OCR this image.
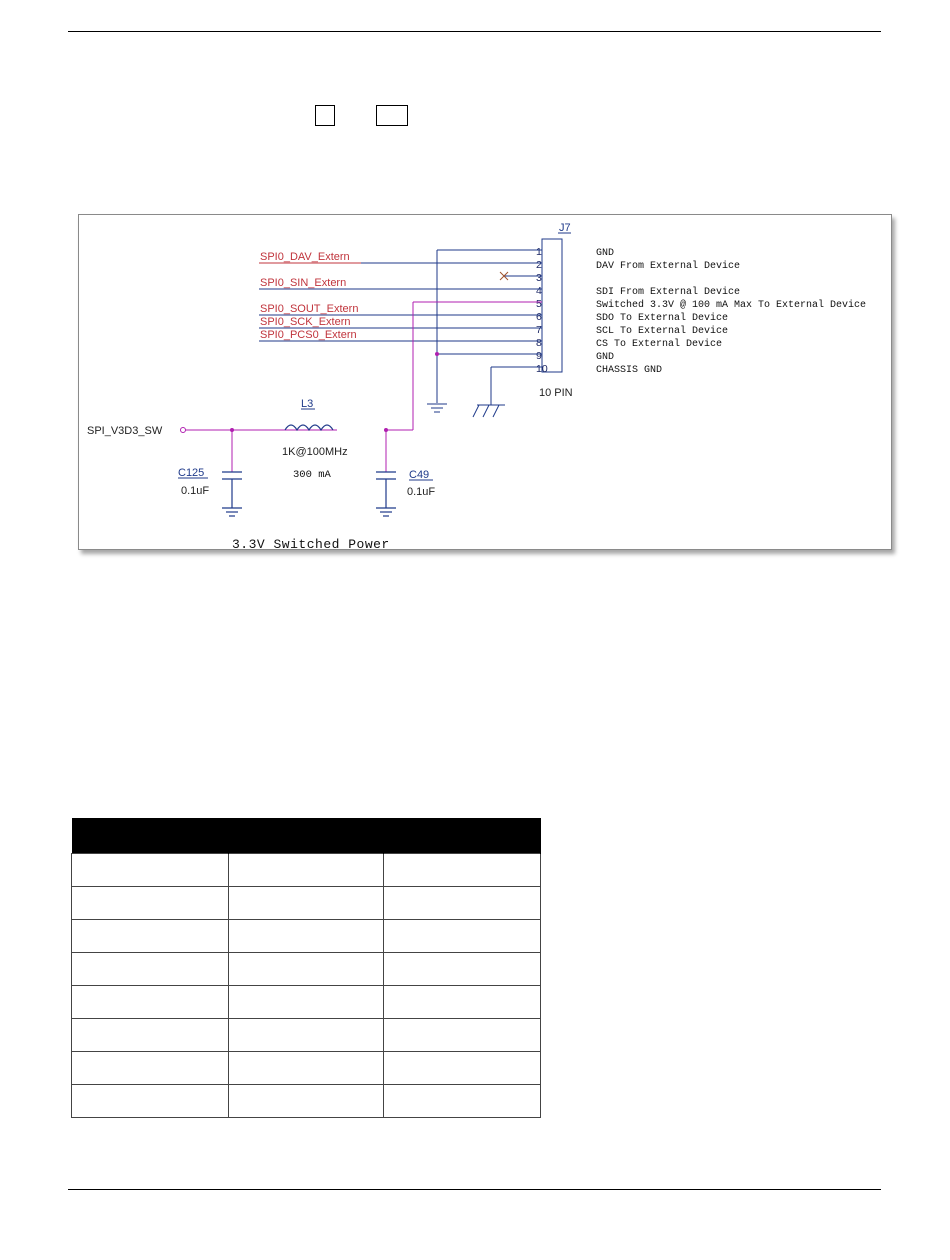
J7
10 PIN
1
2
3
4
5
6
7
8
9
10
GND
DAV From External Device
SDI From External Device
Switched 3.3V @ 100 mA Max To External Device
SDO To External Device
SCL To External Device
CS To External Device
GND
CHASSIS GND
SPI0_DAV_Extern
SPI0_SIN_Extern
SPI0_SOUT_Extern
SPI0_SCK_Extern
SPI0_PCS0_Extern
SPI_V3D3_SW
L3
1K@100MHz
300 mA
C125
0.1uF
C49
0.1uF
3.3V Switched Power
